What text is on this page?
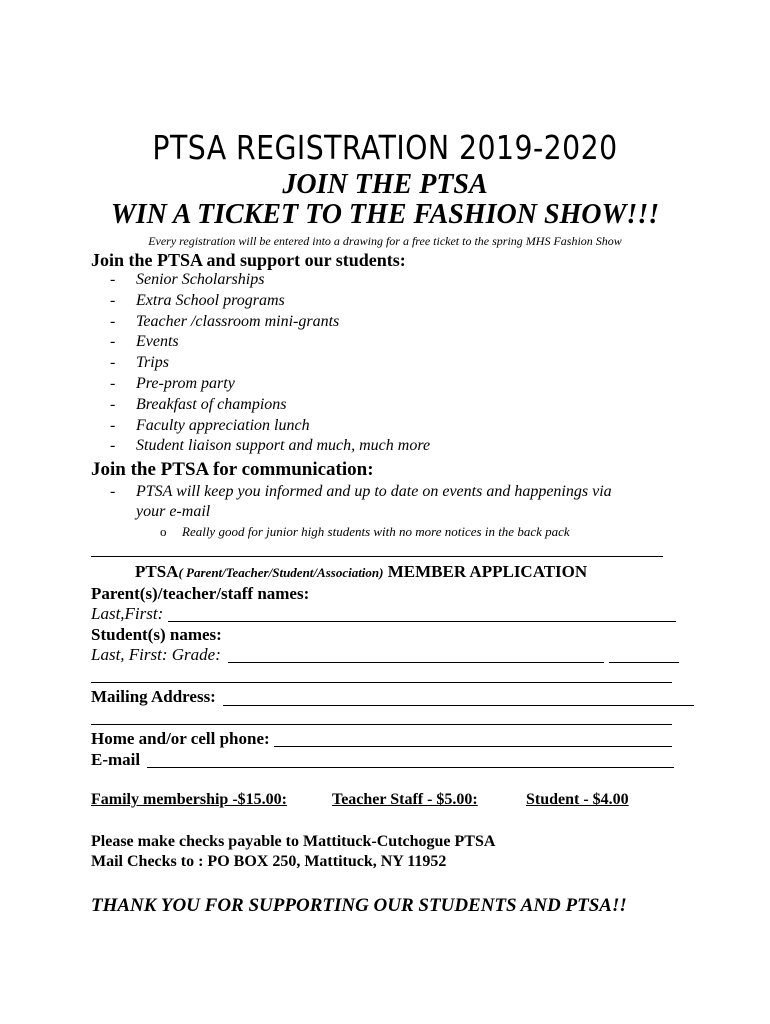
PTSA REGISTRATION 2019-2020
JOIN THE PTSA
WIN A TICKET TO THE FASHION SHOW!!!
Every registration will be entered into a drawing for a free ticket to the spring MHS Fashion Show
Join the PTSA and support our students:
- Senior Scholarships
- Extra School programs
- Teacher /classroom mini-grants
- Events
- Trips
- Pre-prom party
- Breakfast of champions
- Faculty appreciation lunch
- Student liaison support and much, much more
Join the PTSA for communication:
- PTSA will keep you informed and up to date on events and happenings via
your e-mail
o Really good for junior high students with no more notices in the back pack
PTSA( Parent/Teacher/Student/Association) MEMBER APPLICATION
Parent(s)/teacher/staff names:
Last,First:
Student(s) names:
Last, First: Grade:
Mailing Address:
Home and/or cell phone:
E-mail
Family membership -$15.00:	Teacher Staff - $5.00:	Student - $4.00
Please make checks payable to Mattituck-Cutchogue PTSA
Mail Checks to : PO BOX 250, Mattituck, NY 11952
THANK YOU FOR SUPPORTING OUR STUDENTS AND PTSA!!
